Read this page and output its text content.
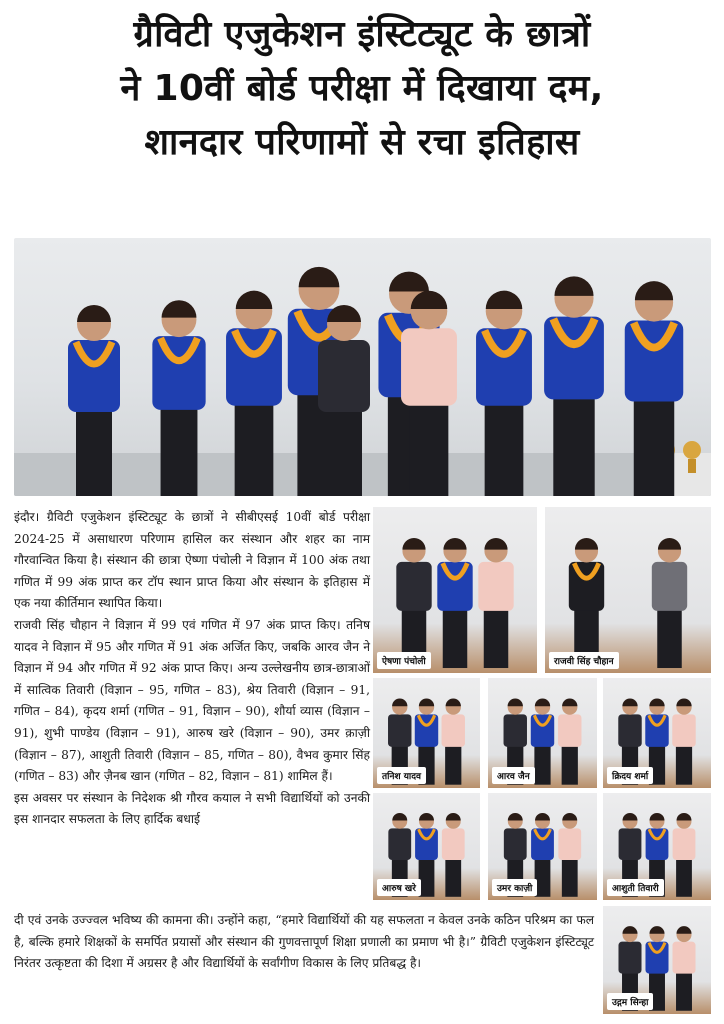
ग्रैविटी एजुकेशन इंस्टिट्यूट के छात्रों
ने 10वीं बोर्ड परीक्षा में दिखाया दम,
शानदार परिणामों से रचा इतिहास

इंदौर। ग्रैविटी एजुकेशन इंस्टिट्यूट के छात्रों ने सीबीएसई 10वीं बोर्ड परीक्षा 2024-25 में असाधारण परिणाम हासिल कर संस्थान और शहर का नाम गौरवान्वित किया है। संस्थान की छात्रा ऐष्णा पंचोली ने विज्ञान में 100 अंक तथा गणित में 99 अंक प्राप्त कर टॉप स्थान प्राप्त किया और संस्थान के इतिहास में एक नया कीर्तिमान स्थापित किया।

राजवी सिंह चौहान ने विज्ञान में 99 एवं गणित में 97 अंक प्राप्त किए। तनिष यादव ने विज्ञान में 95 और गणित में 91 अंक अर्जित किए, जबकि आरव जैन ने विज्ञान में 94 और गणित में 92 अंक प्राप्त किए। अन्य उल्लेखनीय छात्र-छात्राओं में सात्विक तिवारी (विज्ञान – 95, गणित – 83), श्रेय तिवारी (विज्ञान – 91, गणित – 84), कृदय शर्मा (गणित – 91, विज्ञान – 90), शौर्या व्यास (विज्ञान – 91), शुभी पाण्डेय (विज्ञान – 91), आरुष खरे (विज्ञान – 90), उमर क़ाज़ी (विज्ञान – 87), आशुती तिवारी (विज्ञान – 85, गणित – 80), वैभव कुमार सिंह (गणित – 83) और ज़ैनब खान (गणित – 82, विज्ञान – 81) शामिल हैं।

इस अवसर पर संस्थान के निदेशक श्री गौरव कयाल ने सभी विद्यार्थियों को उनकी इस शानदार सफलता के लिए हार्दिक बधाई

दी एवं उनके उज्ज्वल भविष्य की कामना की। उन्होंने कहा, “हमारे विद्यार्थियों की यह सफलता न केवल उनके कठिन परिश्रम का फल है, बल्कि हमारे शिक्षकों के समर्पित प्रयासों और संस्थान की गुणवत्तापूर्ण शिक्षा प्रणाली का प्रमाण भी है।” ग्रैविटी एजुकेशन इंस्टिट्यूट निरंतर उत्कृष्टता की दिशा में अग्रसर है और विद्यार्थियों के सर्वांगीण विकास के लिए प्रतिबद्ध है।

ऐषणा पंचोली	राजवी सिंह चौहान
तनिश यादव	आरव जैन	क्रिदय शर्मा
आरुष खरे	उमर काज़ी	आशुती तिवारी
उद्गम सिन्हा
